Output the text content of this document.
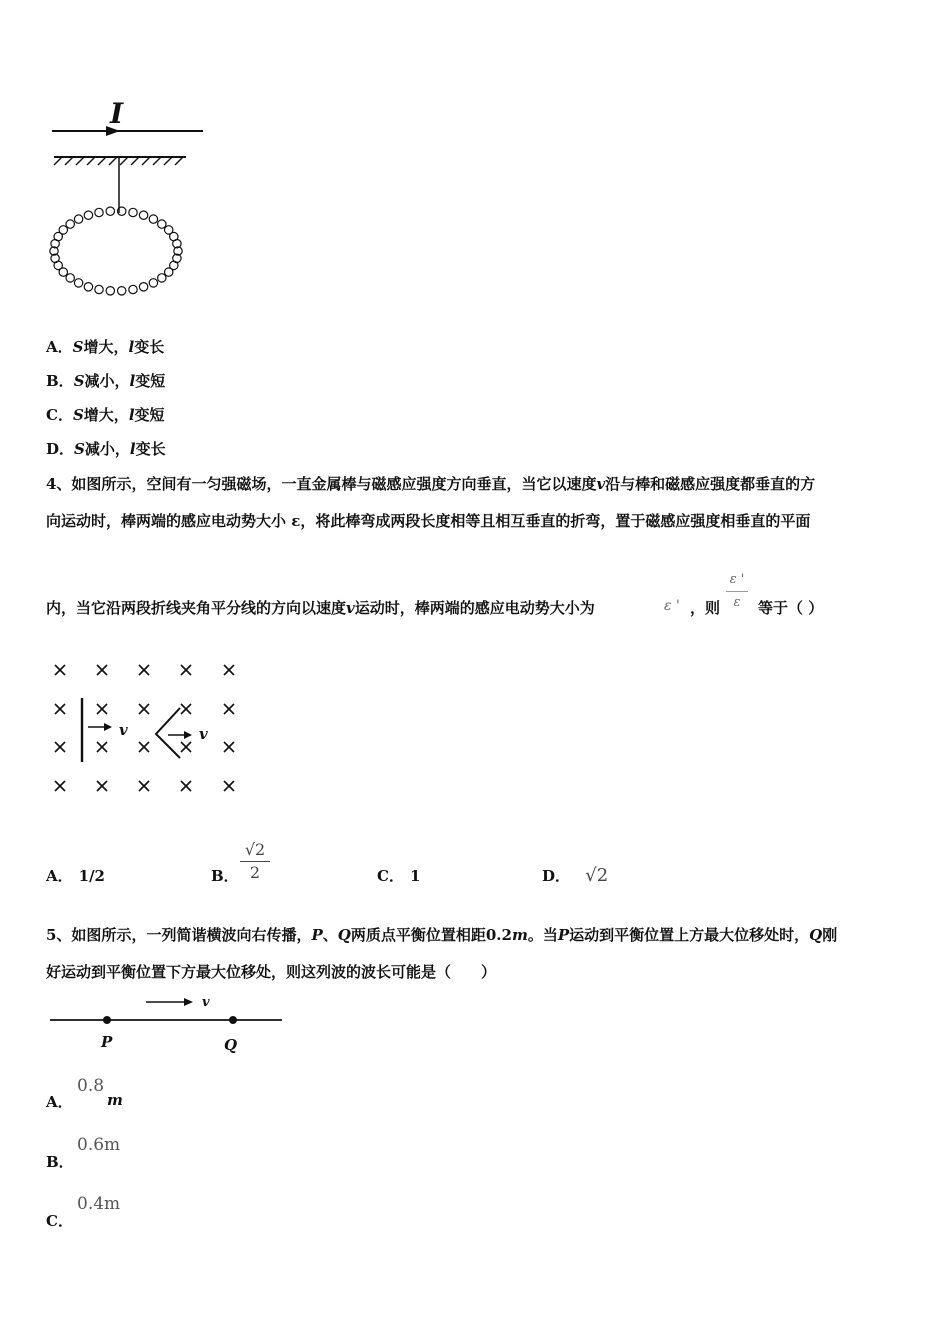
I
A．S增大，l变长
B．S减小，l变短
C．S增大，l变短
D．S减小，l变长
4、如图所示，空间有一匀强磁场，一直金属棒与磁感应强度方向垂直，当它以速度v沿与棒和磁感应强度都垂直的方
向运动时，棒两端的感应电动势大小 ε，将此棒弯成两段长度相等且相互垂直的折弯，置于磁感应强度相垂直的平面
内，当它沿两段折线夹角平分线的方向以速度v运动时，棒两端的感应电动势大小为	ε ' ，则
ε '
ε	等于（ ）
v	v
A． 1/2	B．
√2
2	C． 1	D． √2
5、如图所示，一列简谐横波向右传播，P、Q两质点平衡位置相距0.2m。当P运动到平衡位置上方最大位移处时，Q刚
好运动到平衡位置下方最大位移处，则这列波的波长可能是（　　）
v
P	Q
A．
0.8
m
B．
0.6m
C．
0.4m
